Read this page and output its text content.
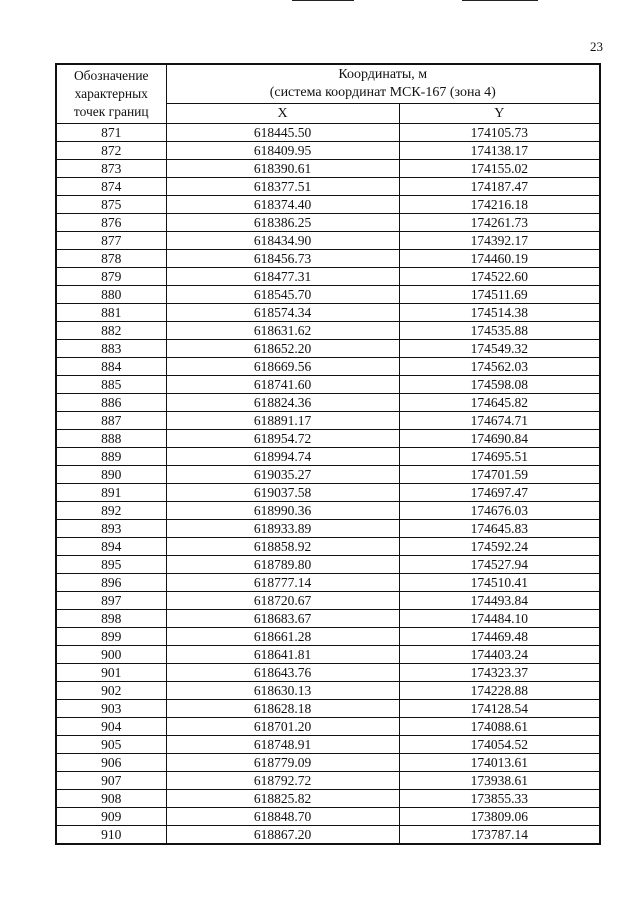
23
Обозначение
характерных
точек границ	Координаты, м
(система координат МСК-167 (зона 4)	
	X	Y
871	618445.50	174105.73
872	618409.95	174138.17
873	618390.61	174155.02
874	618377.51	174187.47
875	618374.40	174216.18
876	618386.25	174261.73
877	618434.90	174392.17
878	618456.73	174460.19
879	618477.31	174522.60
880	618545.70	174511.69
881	618574.34	174514.38
882	618631.62	174535.88
883	618652.20	174549.32
884	618669.56	174562.03
885	618741.60	174598.08
886	618824.36	174645.82
887	618891.17	174674.71
888	618954.72	174690.84
889	618994.74	174695.51
890	619035.27	174701.59
891	619037.58	174697.47
892	618990.36	174676.03
893	618933.89	174645.83
894	618858.92	174592.24
895	618789.80	174527.94
896	618777.14	174510.41
897	618720.67	174493.84
898	618683.67	174484.10
899	618661.28	174469.48
900	618641.81	174403.24
901	618643.76	174323.37
902	618630.13	174228.88
903	618628.18	174128.54
904	618701.20	174088.61
905	618748.91	174054.52
906	618779.09	174013.61
907	618792.72	173938.61
908	618825.82	173855.33
909	618848.70	173809.06
910	618867.20	173787.14
